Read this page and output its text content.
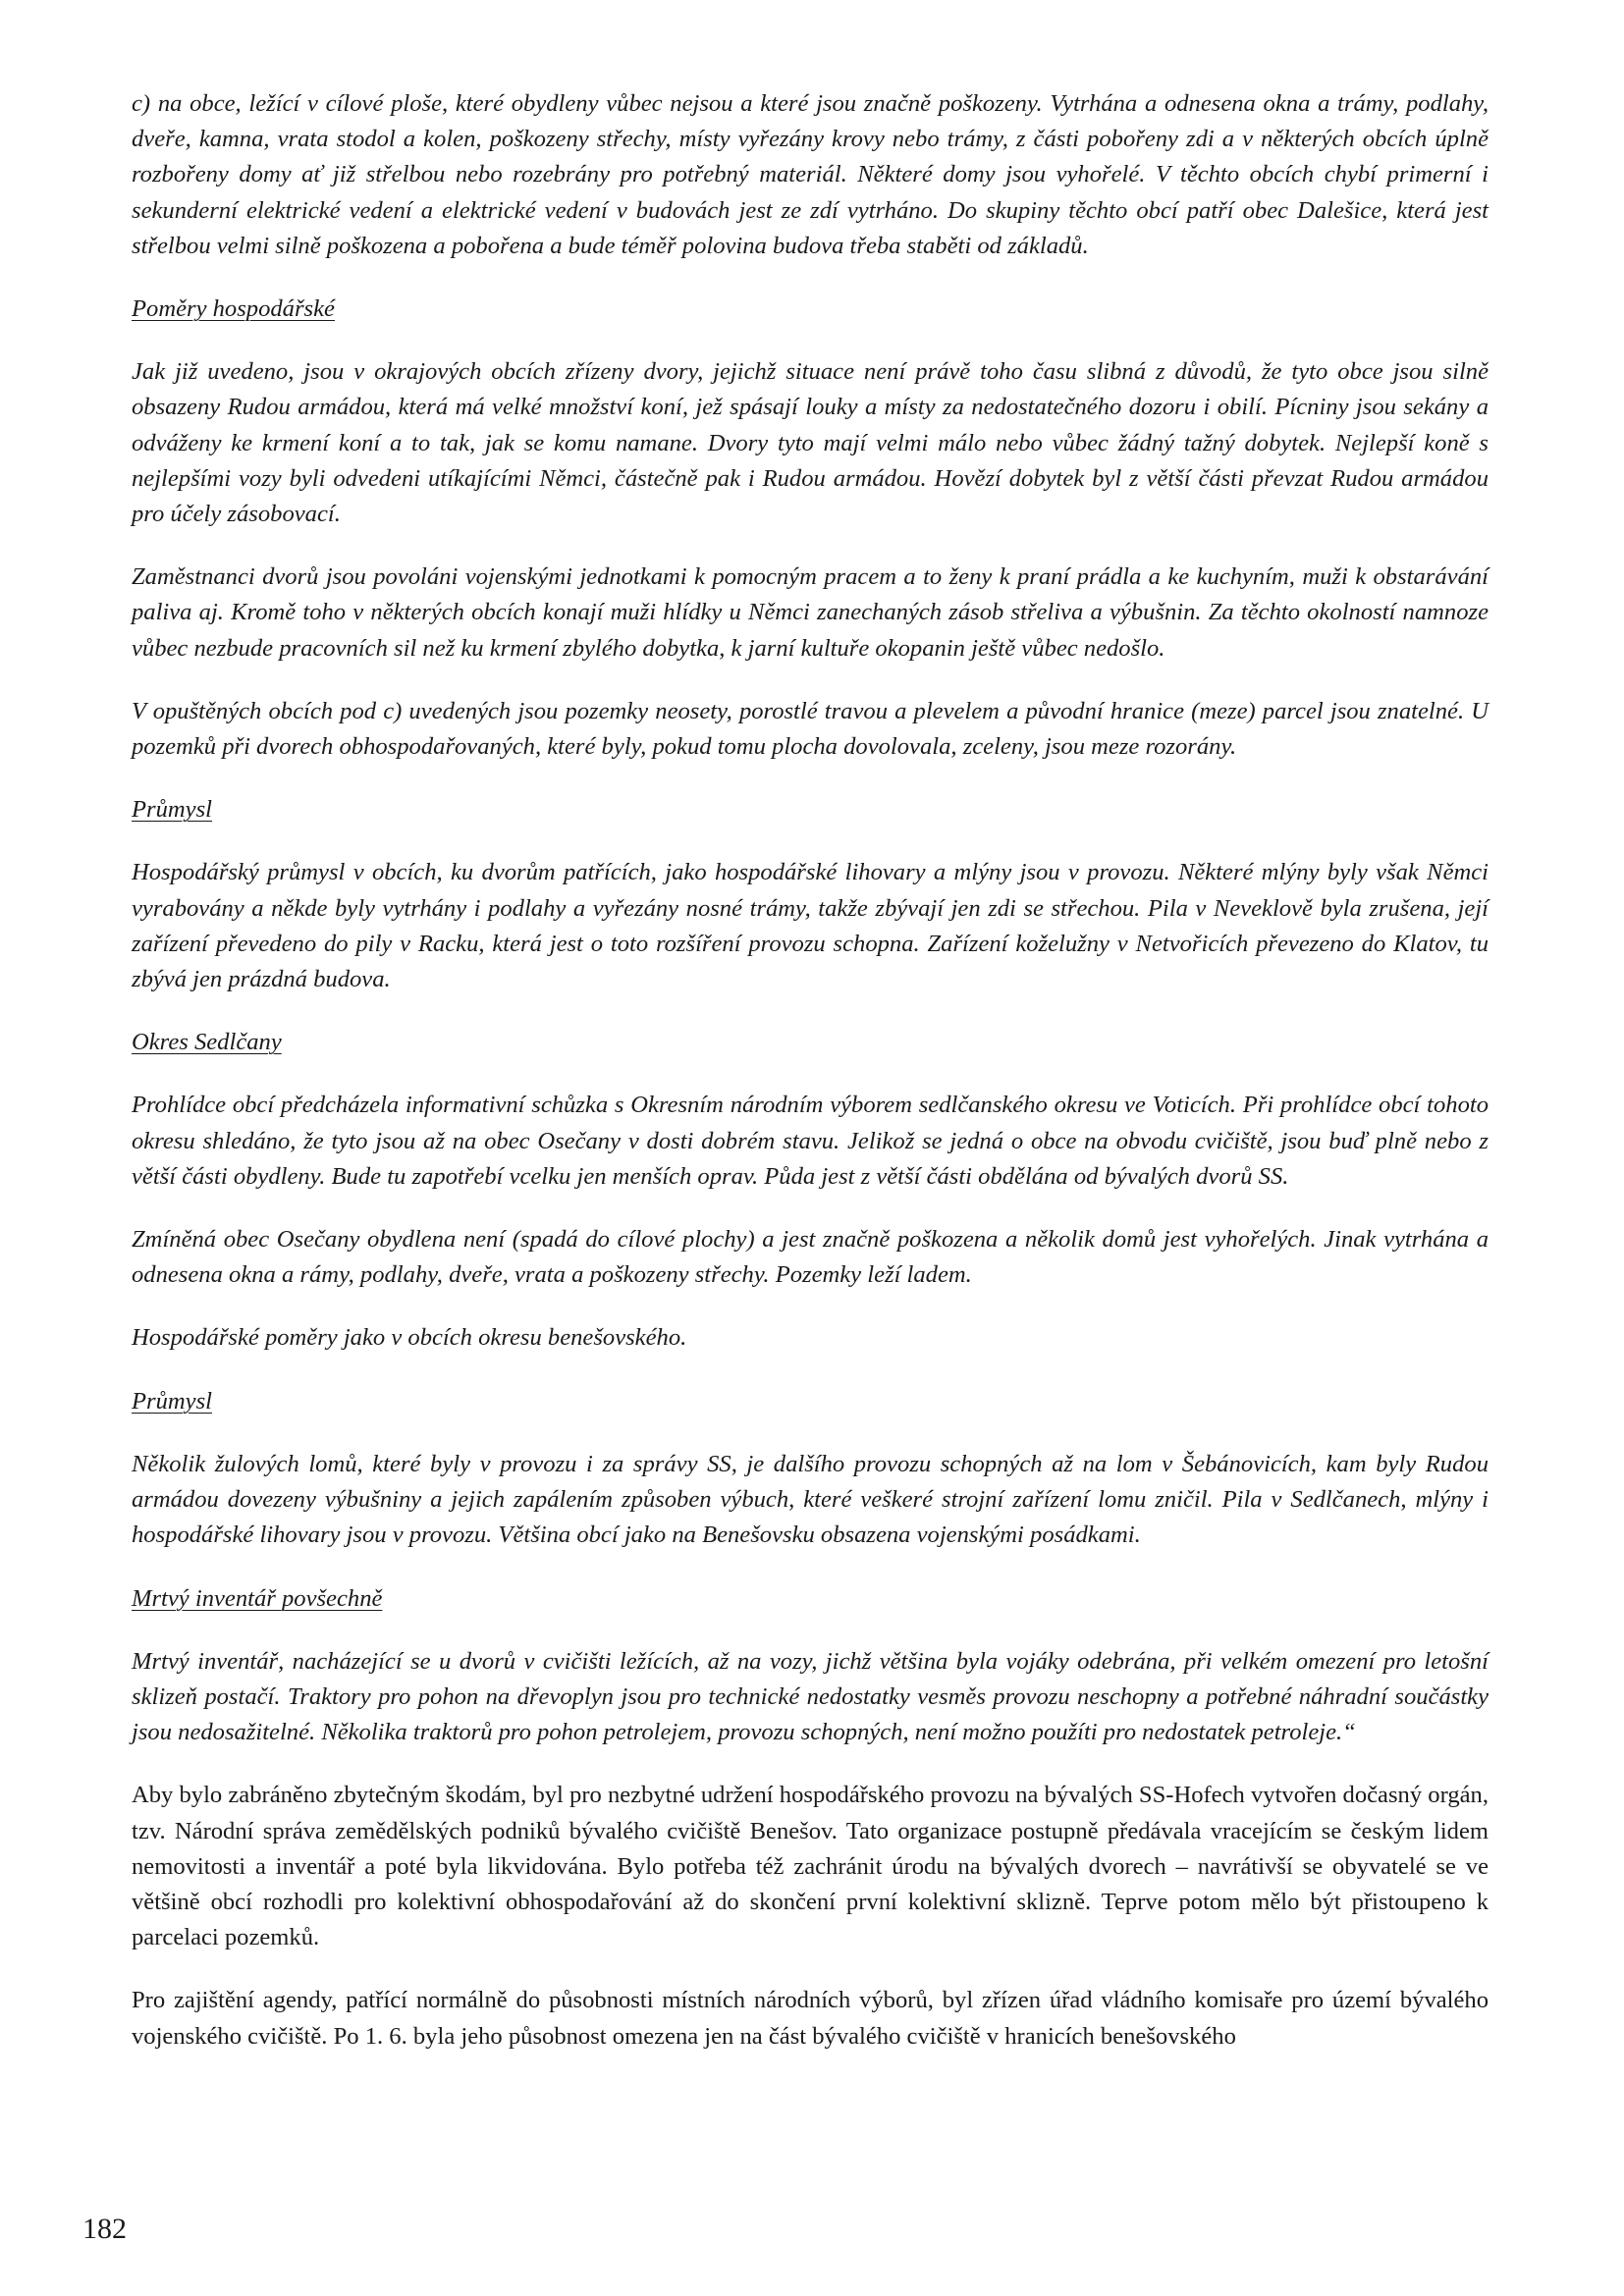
c) na obce, ležící v cílové ploše, které obydleny vůbec nejsou a které jsou značně poškozeny. Vytrhána a odnesena okna a trámy, podlahy, dveře, kamna, vrata stodol a kolen, poškozeny střechy, místy vyřezány krovy nebo trámy, z části pobořeny zdi a v některých obcích úplně rozbořeny domy ať již střelbou nebo rozebrány pro potřebný materiál. Některé domy jsou vyhořelé. V těchto obcích chybí primerní i sekunderní elektrické vedení a elektrické vedení v budovách jest ze zdí vytrháno. Do skupiny těchto obcí patří obec Dalešice, která jest střelbou velmi silně poškozena a pobořena a bude téměř polovina budova třeba staběti od základů.

Poměry hospodářské

Jak již uvedeno, jsou v okrajových obcích zřízeny dvory, jejichž situace není právě toho času slibná z důvodů, že tyto obce jsou silně obsazeny Rudou armádou, která má velké množství koní, jež spásají louky a místy za nedostatečného dozoru i obilí. Pícniny jsou sekány a odváženy ke krmení koní a to tak, jak se komu namane. Dvory tyto mají velmi málo nebo vůbec žádný tažný dobytek. Nejlepší koně s nejlepšími vozy byli odvedeni utíkajícími Němci, částečně pak i Rudou armádou. Hovězí dobytek byl z větší části převzat Rudou armádou pro účely zásobovací.

Zaměstnanci dvorů jsou povoláni vojenskými jednotkami k pomocným pracem a to ženy k praní prádla a ke kuchyním, muži k obstarávání paliva aj. Kromě toho v některých obcích konají muži hlídky u Němci zanechaných zásob střeliva a výbušnin. Za těchto okolností namnoze vůbec nezbude pracovních sil než ku krmení zbylého dobytka, k jarní kultuře okopanin ještě vůbec nedošlo.

V opuštěných obcích pod c) uvedených jsou pozemky neosety, porostlé travou a plevelem a původní hranice (meze) parcel jsou znatelné. U pozemků při dvorech obhospodařovaných, které byly, pokud tomu plocha dovolovala, zceleny, jsou meze rozorány.

Průmysl

Hospodářský průmysl v obcích, ku dvorům patřících, jako hospodářské lihovary a mlýny jsou v provozu. Některé mlýny byly však Němci vyrabovány a někde byly vytrhány i podlahy a vyřezány nosné trámy, takže zbývají jen zdi se střechou. Pila v Neveklově byla zrušena, její zařízení převedeno do pily v Racku, která jest o toto rozšíření provozu schopna. Zařízení koželužny v Netvořicích převezeno do Klatov, tu zbývá jen prázdná budova.

Okres Sedlčany

Prohlídce obcí předcházela informativní schůzka s Okresním národním výborem sedlčanského okresu ve Voticích. Při prohlídce obcí tohoto okresu shledáno, že tyto jsou až na obec Osečany v dosti dobrém stavu. Jelikož se jedná o obce na obvodu cvičiště, jsou buď plně nebo z větší části obydleny. Bude tu zapotřebí vcelku jen menších oprav. Půda jest z větší části obdělána od bývalých dvorů SS.

Zmíněná obec Osečany obydlena není (spadá do cílové plochy) a jest značně poškozena a několik domů jest vyhořelých. Jinak vytrhána a odnesena okna a rámy, podlahy, dveře, vrata a poškozeny střechy. Pozemky leží ladem.

Hospodářské poměry jako v obcích okresu benešovského.

Průmysl

Několik žulových lomů, které byly v provozu i za správy SS, je dalšího provozu schopných až na lom v Šebánovicích, kam byly Rudou armádou dovezeny výbušniny a jejich zapálením způsoben výbuch, které veškeré strojní zařízení lomu zničil. Pila v Sedlčanech, mlýny i hospodářské lihovary jsou v provozu. Většina obcí jako na Benešovsku obsazena vojenskými posádkami.

Mrtvý inventář povšechně

Mrtvý inventář, nacházející se u dvorů v cvičišti ležících, až na vozy, jichž většina byla vojáky odebrána, při velkém omezení pro letošní sklizeň postačí. Traktory pro pohon na dřevoplyn jsou pro technické nedostatky vesměs provozu neschopny a potřebné náhradní součástky jsou nedosažitelné. Několika traktorů pro pohon petrolejem, provozu schopných, není možno použíti pro nedostatek petroleje.“

Aby bylo zabráněno zbytečným škodám, byl pro nezbytné udržení hospodářského provozu na bývalých SS-Hofech vytvořen dočasný orgán, tzv. Národní správa zemědělských podniků bývalého cvičiště Benešov. Tato organizace postupně předávala vracejícím se českým lidem nemovitosti a inventář a poté byla likvidována. Bylo potřeba též zachránit úrodu na bývalých dvorech – navrátivší se obyvatelé se ve většině obcí rozhodli pro kolektivní obhospodařování až do skončení první kolektivní sklizně. Teprve potom mělo být přistoupeno k parcelaci pozemků.

Pro zajištění agendy, patřící normálně do působnosti místních národních výborů, byl zřízen úřad vládního komisaře pro území bývalého vojenského cvičiště. Po 1. 6. byla jeho působnost omezena jen na část bývalého cvičiště v hranicích benešovského

182
